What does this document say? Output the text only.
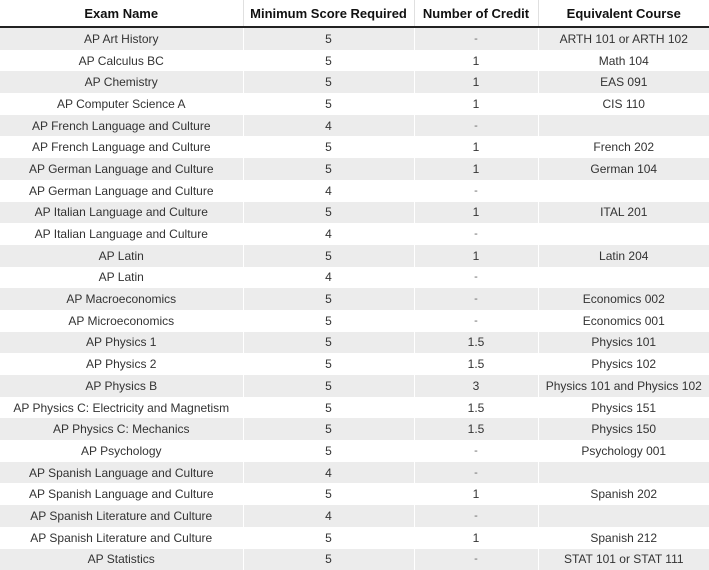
Exam Name	Minimum Score Required	Number of Credit	Equivalent Course
AP Art History	5	-	ARTH 101 or ARTH 102
AP Calculus BC	5	1	Math 104
AP Chemistry	5	1	EAS 091
AP Computer Science A	5	1	CIS 110
AP French Language and Culture	4	-	
AP French Language and Culture	5	1	French 202
AP German Language and Culture	5	1	German 104
AP German Language and Culture	4	-	
AP Italian Language and Culture	5	1	ITAL 201
AP Italian Language and Culture	4	-	
AP Latin	5	1	Latin 204
AP Latin	4	-	
AP Macroeconomics	5	-	Economics 002
AP Microeconomics	5	-	Economics 001
AP Physics 1	5	1.5	Physics 101
AP Physics 2	5	1.5	Physics 102
AP Physics B	5	3	Physics 101 and Physics 102
AP Physics C: Electricity and Magnetism	5	1.5	Physics 151
AP Physics C: Mechanics	5	1.5	Physics 150
AP Psychology	5	-	Psychology 001
AP Spanish Language and Culture	4	-	
AP Spanish Language and Culture	5	1	Spanish 202
AP Spanish Literature and Culture	4	-	
AP Spanish Literature and Culture	5	1	Spanish 212
AP Statistics	5	-	STAT 101 or STAT 111
